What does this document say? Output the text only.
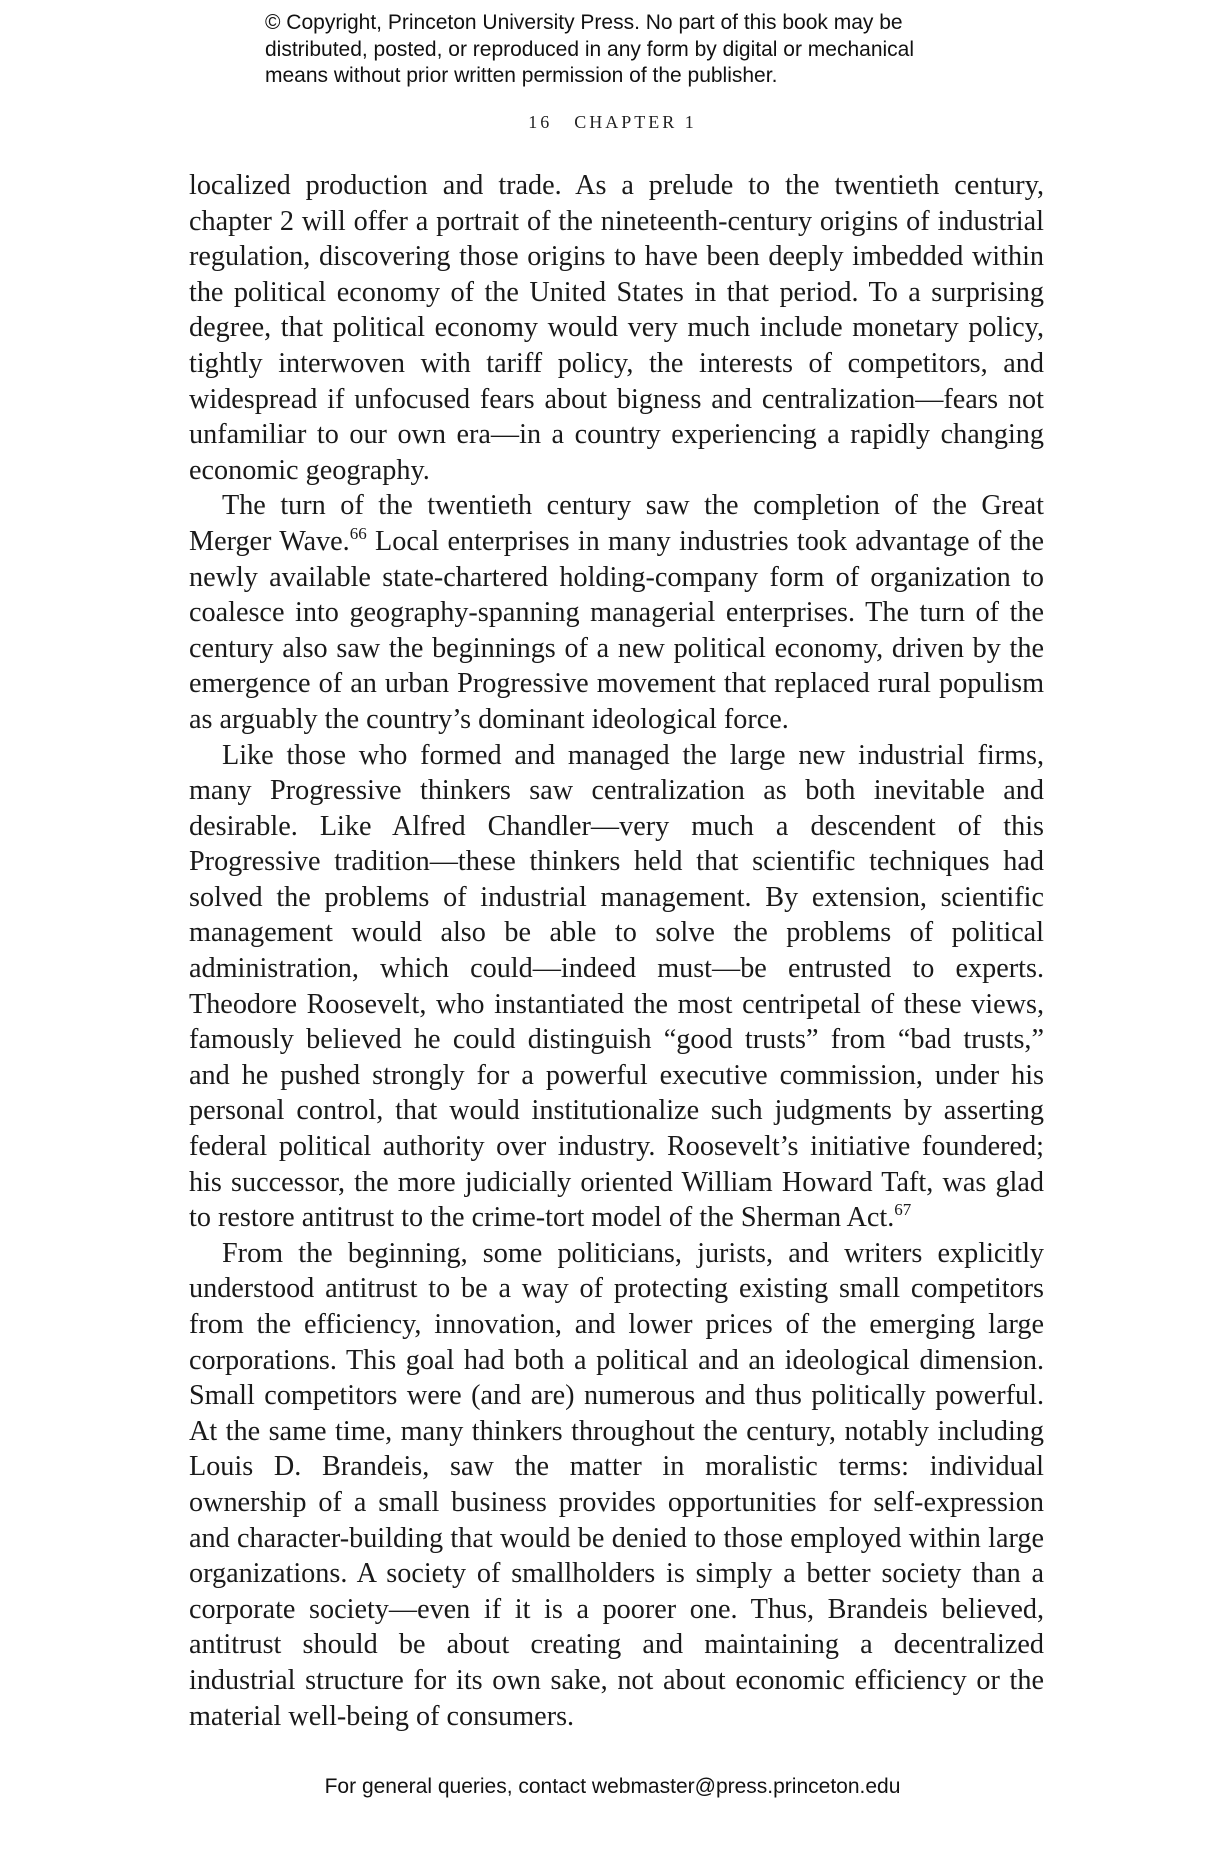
© Copyright, Princeton University Press. No part of this book may be

distributed, posted, or reproduced in any form by digital or mechanical

means without prior written permission of the publisher.

16 CHAPTER 1

localized production and trade. As a prelude to the twentieth century, chapter 2 will offer a portrait of the nineteenth-century origins of industrial regulation, discovering those origins to have been deeply imbedded within the political economy of the United States in that period. To a surprising degree, that political economy would very much include monetary policy, tightly interwoven with tariff policy, the interests of competitors, and widespread if unfocused fears about bigness and centralization—fears not unfamiliar to our own era—in a country experiencing a rapidly changing economic geography.

The turn of the twentieth century saw the completion of the Great Merger Wave.$^{66}$ Local enterprises in many industries took advantage of the newly available state-chartered holding-company form of organization to coalesce into geography-spanning managerial enterprises. The turn of the century also saw the beginnings of a new political economy, driven by the emergence of an urban Progressive movement that replaced rural populism as arguably the country’s dominant ideological force.

Like those who formed and managed the large new industrial firms, many Progressive thinkers saw centralization as both inevitable and desirable. Like Alfred Chandler—very much a descendent of this Progressive tradition—these thinkers held that scientific techniques had solved the problems of industrial management. By extension, scientific management would also be able to solve the problems of political administration, which could—indeed must—be entrusted to experts. Theodore Roosevelt, who instantiated the most centripetal of these views, famously believed he could distinguish “good trusts” from “bad trusts,” and he pushed strongly for a powerful executive commission, under his personal control, that would institutionalize such judgments by asserting federal political authority over industry. Roosevelt’s initiative foundered; his successor, the more judicially oriented William Howard Taft, was glad to restore antitrust to the crime-tort model of the Sherman Act.$^{67}$

From the beginning, some politicians, jurists, and writers explicitly understood antitrust to be a way of protecting existing small competitors from the efficiency, innovation, and lower prices of the emerging large corporations. This goal had both a political and an ideological dimension. Small competitors were (and are) numerous and thus politically powerful. At the same time, many thinkers throughout the century, notably including Louis D. Brandeis, saw the matter in moralistic terms: individual ownership of a small business provides opportunities for self-expression and character-building that would be denied to those employed within large organizations. A society of smallholders is simply a better society than a corporate society—even if it is a poorer one. Thus, Brandeis believed, antitrust should be about creating and maintaining a decentralized industrial structure for its own sake, not about economic efficiency or the material well-being of consumers.

For general queries, contact webmaster@press.princeton.edu
